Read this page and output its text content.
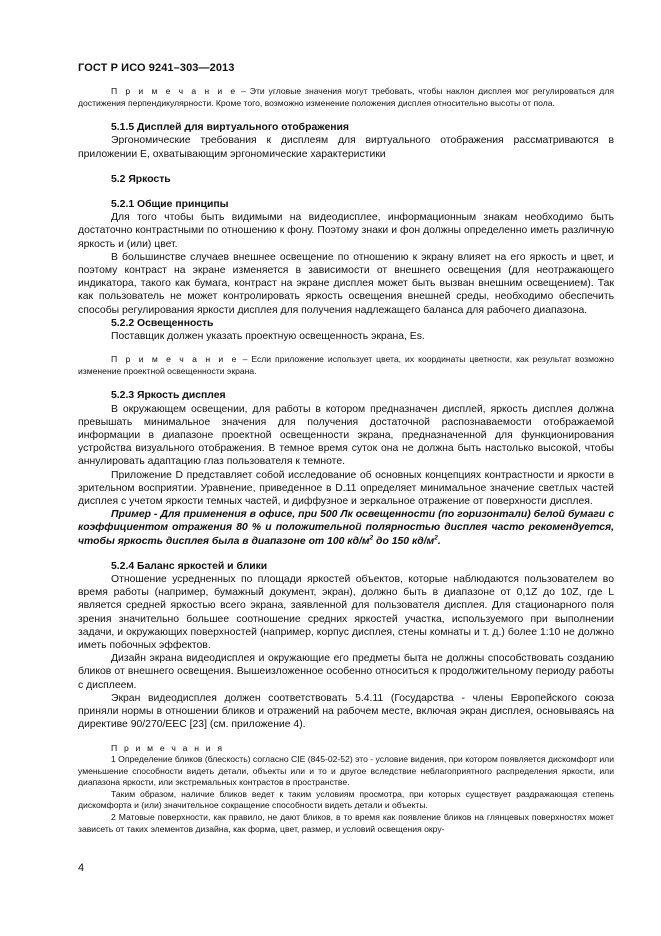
ГОСТ Р ИСО 9241–303—2013

П р и м е ч а н и е – Эти угловые значения могут требовать, чтобы наклон дисплея мог регулироваться для достижения перпендикулярности. Кроме того, возможно изменение положения дисплея относительно высоты от пола.

5.1.5 Дисплей для виртуального отображения

Эргономические требования к дисплеям для виртуального отображения рассматриваются в приложении E, охватывающим эргономические характеристики

5.2 Яркость
5.2.1 Общие принципы

Для того чтобы быть видимыми на видеодисплее, информационным знакам необходимо быть достаточно контрастными по отношению к фону. Поэтому знаки и фон должны определенно иметь различную яркость и (или) цвет.

В большинстве случаев внешнее освещение по отношению к экрану влияет на его яркость и цвет, и поэтому контраст на экране изменяется в зависимости от внешнего освещения (для неотражающего индикатора, такого как бумага, контраст на экране дисплея может быть вызван внешним освещением). Так как пользователь не может контролировать яркость освещения внешней среды, необходимо обеспечить способы регулирования яркости дисплея для получения надлежащего баланса для рабочего диапазона.

5.2.2 Освещенность

Поставщик должен указать проектную освещенность экрана, Es.

П р и м е ч а н и е – Если приложение использует цвета, их координаты цветности, как результат возможно изменение проектной освещенности экрана.

5.2.3 Яркость дисплея

В окружающем освещении, для работы в котором предназначен дисплей, яркость дисплея должна превышать минимальное значения для получения достаточной распознаваемости отображаемой информации в диапазоне проектной освещенности экрана, предназначенной для функционирования устройства визуального отображения. В темное время суток она не должна быть настолько высокой, чтобы аннулировать адаптацию глаз пользователя к темноте.

Приложение D представляет собой исследование об основных концепциях контрастности и яркости в зрительном восприятии. Уравнение, приведенное в D.11 определяет минимальное значение светлых частей дисплея с учетом яркости темных частей, и диффузное и зеркальное отражение от поверхности дисплея.

Пример - Для применения в офисе, при 500 Лк освещенности (по горизонтали) белой бумаги с коэффициентом отражения 80 % и положительной полярностью дисплея часто рекомендуется, чтобы яркость дисплея была в диапазоне от 100 $кд/м^2$ до 150 $кд/м^2$.

5.2.4 Баланс яркостей и блики

Отношение усредненных по площади яркостей объектов, которые наблюдаются пользователем во время работы (например, бумажный документ, экран), должно быть в диапазоне от 0,1Z до 10Z, где L является средней яркостью всего экрана, заявленной для пользователя дисплея. Для стационарного поля зрения значительно большее соотношение средних яркостей участка, используемого при выполнении задачи, и окружающих поверхностей (например, корпус дисплея, стены комнаты и т. д.) более 1:10 не должно иметь побочных эффектов.

Дизайн экрана видеодисплея и окружающие его предметы быта не должны способствовать созданию бликов от внешнего освещения. Вышеизложенное особенно относиться к продолжительному периоду работы с дисплеем.

Экран видеодисплея должен соответствовать 5.4.11 (Государства - члены Европейского союза приняли нормы в отношении бликов и отражений на рабочем месте, включая экран дисплея, основываясь на директиве 90/270/EEC [23] (см. приложение 4).

П р и м е ч а н и я

1 Определение бликов (блескость) согласно CIE (845-02-52) это - условие видения, при котором появляется дискомфорт или уменьшение способности видеть детали, объекты или и то и другое вследствие неблагоприятного распределения яркости, или диапазона яркости, или экстремальных контрастов в пространстве.

Таким образом, наличие бликов ведет к таким условиям просмотра, при которых существует раздражающая степень дискомфорта и (или) значительное сокращение способности видеть детали и объекты.

2 Матовые поверхности, как правило, не дают бликов, в то время как появление бликов на глянцевых поверхностях может зависеть от таких элементов дизайна, как форма, цвет, размер, и условий освещения окру-

4
